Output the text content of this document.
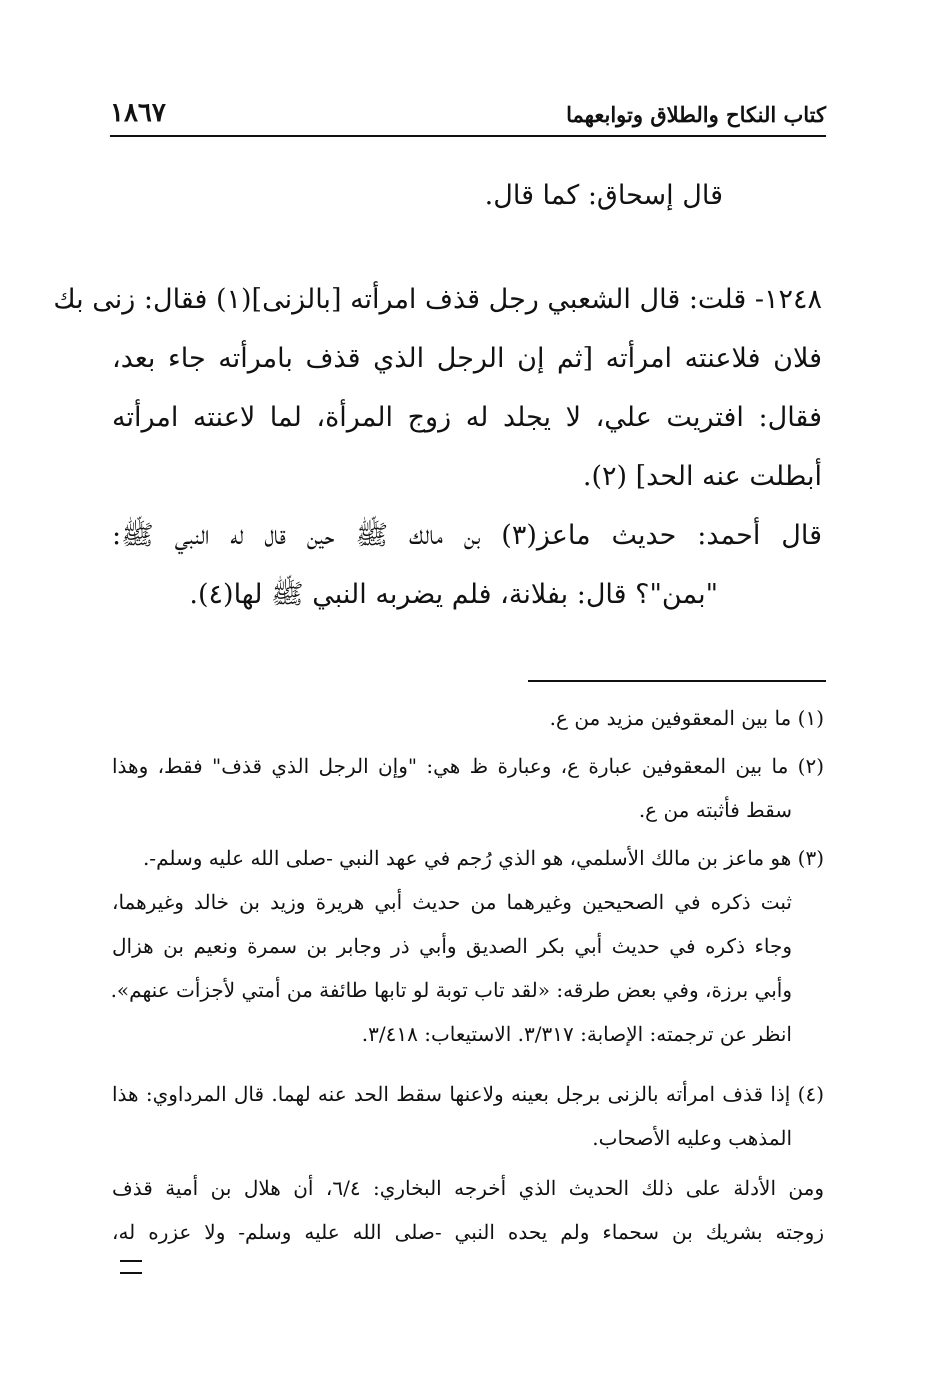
كتاب النكاح والطلاق وتوابعهما
١٨٦٧
قال إسحاق: كما قال.
١٢٤٨- قلت: قال الشعبي رجل قذف امرأته [بالزنى](١) فقال: زنى بك
فلان فلاعنته امرأته [ثم إن الرجل الذي قذف بامرأته جاء بعد،
فقال: افتريت علي، لا يجلد له زوج المرأة، لما لاعنته امرأته
أبطلت عنه الحد] (٢).
قال أحمد: حديث ماعز(٣) بن مالك ﷺ حين قال له النبي ﷺ:
"بمن"؟ قال: بفلانة، فلم يضربه النبي ﷺ لها(٤).
(١) ما بين المعقوفين مزيد من ع.
(٢) ما بين المعقوفين عبارة ع، وعبارة ظ هي: "وإن الرجل الذي قذف" فقط، وهذا
سقط فأثبته من ع.
(٣) هو ماعز بن مالك الأسلمي، هو الذي رُجم في عهد النبي -صلى الله عليه وسلم-.
ثبت ذكره في الصحيحين وغيرهما من حديث أبي هريرة وزيد بن خالد وغيرهما،
وجاء ذكره في حديث أبي بكر الصديق وأبي ذر وجابر بن سمرة ونعيم بن هزال
وأبي برزة، وفي بعض طرقه: «لقد تاب توبة لو تابها طائفة من أمتي لأجزأت عنهم».
انظر عن ترجمته: الإصابة: ٣/٣١٧. الاستيعاب: ٣/٤١٨.
(٤) إذا قذف امرأته بالزنى برجل بعينه ولاعنها سقط الحد عنه لهما. قال المرداوي: هذا
المذهب وعليه الأصحاب.
ومن الأدلة على ذلك الحديث الذي أخرجه البخاري: ٦/٤، أن هلال بن أمية قذف
زوجته بشريك بن سحماء ولم يحده النبي -صلى الله عليه وسلم- ولا عزره له،
